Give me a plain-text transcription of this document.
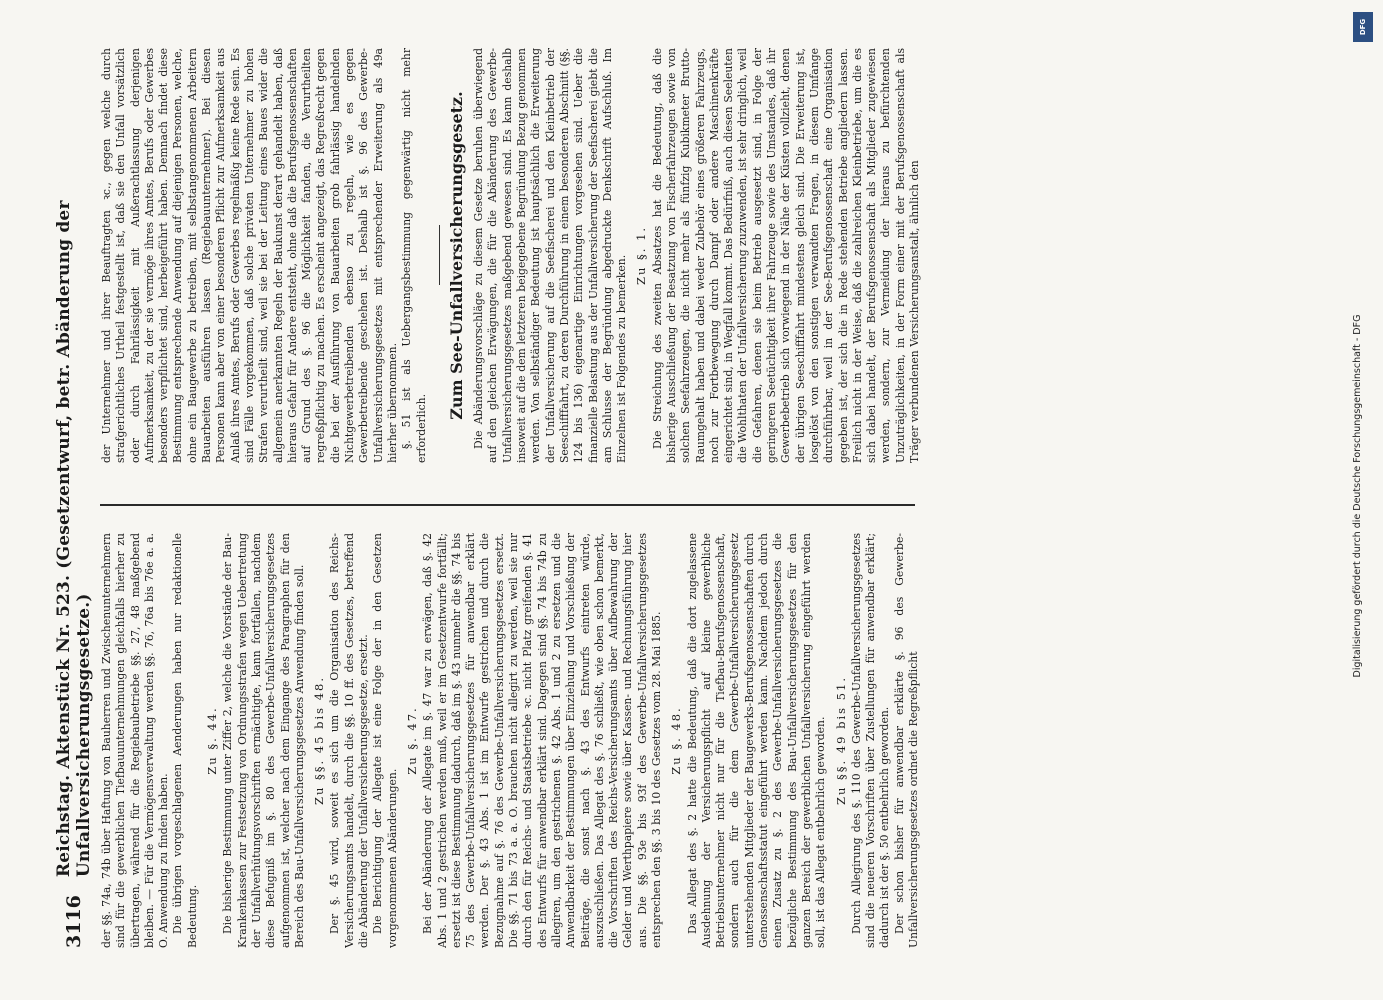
3116
Reichstag. Aktenstück Nr. 523. (Gesetzentwurf, betr. Abänderung der Unfallversicherungsgesetze.) der §§. 74a, 74b über Haftung von Bauherren und Zwischenunternehmern sind für die gewerblichen Tiefbauunternehmungen gleichfalls hierher zu übertragen, während für die Regiebaubetriebe §§. 27, 48 maßgebend bleiben. — Für die Vermögensverwaltung werden §§. 76, 76a bis 76e a. a. O. Anwendung zu finden haben. Die übrigen vorgeschlagenen Aenderungen haben nur redaktionelle Bedeutung.

Zu §. 44. Die bisherige Bestimmung unter Ziffer 2, welche die Vorstände der Bau-Krankenkassen zur Festsetzung von Ordnungsstrafen wegen Uebertretung der Unfallverhütungsvorschriften ermächtigte, kann fortfallen, nachdem diese Befugniß im §. 80 des Gewerbe-Unfallversicherungsgesetzes aufgenommen ist, welcher nach dem Eingange des Paragraphen für den Bereich des Bau-Unfallversicherungsgesetzes Anwendung finden soll. Zu §§. 45 bis 48. Der §. 45 wird, soweit es sich um die Organisation des Reichs-Versicherungsamts handelt, durch die §§. 10 ff. des Gesetzes, betreffend die Abänderung der Unfallversicherungsgesetze, ersetzt. Die Berichtigung der Allegate ist eine Folge der in den Gesetzen vorgenommenen Abänderungen.

Zu §. 47. Bei der Abänderung der Allegate im §. 47 war zu erwägen, daß §. 42 Abs. 1 und 2 gestrichen werden muß, weil er im Gesetzentwurfe fortfällt; ersetzt ist diese Bestimmung dadurch, daß im §. 43 nunmehr die §§. 74 bis 75 des Gewerbe-Unfallversicherungsgesetzes für anwendbar erklärt werden. Der §. 43 Abs. 1 ist im Entwurfe gestrichen und durch die Bezugnahme auf §. 76 des Gewerbe-Unfallversicherungsgesetzes ersetzt. Die §§. 71 bis 73 a. a. O. brauchen nicht allegirt zu werden, weil sie nur durch den für Reichs- und Staatsbetriebe ꝛc. nicht Platz greifenden §. 41 des Entwurfs für anwendbar erklärt sind. Dagegen sind §§. 74 bis 74b zu allegiren, um den gestrichenen §. 42 Abs. 1 und 2 zu ersetzen und die Anwendbarkeit der Bestimmungen über Einziehung und Vorschießung der Beiträge, die sonst nach §. 43 des Entwurfs eintreten würde, auszuschließen. Das Allegat des §. 76 schließt, wie oben schon bemerkt, die Vorschriften des Reichs-Versicherungsamts über Aufbewahrung der Gelder und Werthpapiere sowie über Kassen- und Rechnungsführung hier aus. Die §§. 93e bis 93f des Gewerbe-Unfallversicherungsgesetzes entsprechen den §§. 3 bis 10 des Gesetzes vom 28. Mai 1885. Zu §. 48. Das Allegat des §. 2 hatte die Bedeutung, daß die dort zugelassene Ausdehnung der Versicherungspflicht auf kleine gewerbliche Betriebsunternehmer nicht nur für die Tiefbau-Berufsgenossenschaft, sondern auch für die dem Gewerbe-Unfallversicherungsgesetz unterstehenden Mitglieder der Baugewerks-Berufsgenossenschaften durch Genossenschaftsstatut eingeführt werden kann. Nachdem jedoch durch einen Zusatz zu §. 2 des Gewerbe-Unfallversicherungsgesetzes die bezügliche Bestimmung des Bau-Unfallversicherungsgesetzes für den ganzen Bereich der gewerblichen Unfallversicherung eingeführt werden soll, ist das Allegat entbehrlich geworden. Zu §§. 49 bis 51. Durch Allegirung des §. 110 des Gewerbe-Unfallversicherungsgesetzes sind die neueren Vorschriften über Zustellungen für anwendbar erklärt; dadurch ist der §. 50 entbehrlich geworden. Der schon bisher für anwendbar erklärte §. 96 des Gewerbe-Unfallversicherungsgesetzes ordnet die Regreßpflicht

der Unternehmer und ihrer Beauftragten ꝛc., gegen welche durch strafgerichtliches Urtheil festgestellt ist, daß sie den Unfall vorsätzlich oder durch Fahrlässigkeit mit Außerachtlassung derjenigen Aufmerksamkeit, zu der sie vermöge ihres Amtes, Berufs oder Gewerbes besonders verpflichtet sind, herbeigeführt haben. Demnach findet diese Bestimmung entsprechende Anwendung auf diejenigen Personen, welche, ohne ein Baugewerbe zu betreiben, mit selbstangenommenen Arbeitern Bauarbeiten ausführen lassen (Regiebauunternehmer). Bei diesen Personen kann aber von einer besonderen Pflicht zur Aufmerksamkeit aus Anlaß ihres Amtes, Berufs oder Gewerbes regelmäßig keine Rede sein. Es sind Fälle vorgekommen, daß solche privaten Unternehmer zu hohen Strafen verurtheilt sind, weil sie bei der Leitung eines Baues wider die allgemein anerkannten Regeln der Baukunst derart gehandelt haben, daß hieraus Gefahr für Andere entsteht, ohne daß die Berufsgenossenschaften auf Grund des §. 96 die Möglichkeit fanden, die Verurtheilten regreßpflichtig zu machen. Es erscheint angezeigt, das Regreßrecht gegen die bei der Ausführung von Bauarbeiten grob fahrlässig handelnden Nichtgewerbetreibenden ebenso zu regeln, wie es gegen Gewerbetreibende geschehen ist. Deshalb ist §. 96 des Gewerbe-Unfallversicherungsgesetzes mit entsprechender Erweiterung als 49a hierher übernommen. §. 51 ist als Uebergangsbestimmung gegenwärtig nicht mehr erforderlich.

Zum See-Unfallversicherungsgesetz. Die Abänderungsvorschläge zu diesem Gesetze beruhen überwiegend auf den gleichen Erwägungen, die für die Abänderung des Gewerbe-Unfallversicherungsgesetzes maßgebend gewesen sind. Es kann deshalb insoweit auf die dem letzteren beigegebene Begründung Bezug genommen werden. Von selbständiger Bedeutung ist hauptsächlich die Erweiterung der Unfallversicherung auf die Seefischerei und den Kleinbetrieb der Seeschifffahrt, zu deren Durchführung in einem besonderen Abschnitt (§§. 124 bis 136) eigenartige Einrichtungen vorgesehen sind. Ueber die finanzielle Belastung aus der Unfallversicherung der Seefischerei giebt die am Schlusse der Begründung abgedruckte Denkschrift Aufschluß. Im Einzelnen ist Folgendes zu bemerken. Zu §. 1. Die Streichung des zweiten Absatzes hat die Bedeutung, daß die bisherige Ausschließung der Besatzung von Fischerfahrzeugen sowie von solchen Seefahrzeugen, die nicht mehr als fünfzig Kubikmeter Brutto-Raumgehalt haben und dabei weder Zubehör eines größeren Fahrzeugs, noch zur Fortbewegung durch Dampf oder andere Maschinenkräfte eingerichtet sind, in Wegfall kommt. Das Bedürfniß, auch diesen Seeleuten die Wohlthaten der Unfallversicherung zuzuwenden, ist sehr dringlich, weil die Gefahren, denen sie beim Betrieb ausgesetzt sind, in Folge der geringeren Seetüchtigkeit ihrer Fahrzeuge sowie des Umstandes, daß ihr Gewerbebetrieb sich vorwiegend in der Nähe der Küsten vollzieht, denen der übrigen Seeschifffahrt mindestens gleich sind. Die Erweiterung ist, losgelöst von den sonstigen verwandten Fragen, in diesem Umfange durchführbar, weil in der See-Berufsgenossenschaft eine Organisation gegeben ist, der sich die in Rede stehenden Betriebe angliedern lassen. Freilich nicht in der Weise, daß die zahlreichen Kleinbetriebe, um die es sich dabei handelt, der Berufsgenossenschaft als Mitglieder zugewiesen werden, sondern, zur Vermeidung der hieraus zu befürchtenden Unzuträglichkeiten, in der Form einer mit der Berufsgenossenschaft als Träger verbundenen Versicherungsanstalt, ähnlich den

DFG
Digitalisierung gefördert durch die Deutsche Forschungsgemeinschaft - DFG
